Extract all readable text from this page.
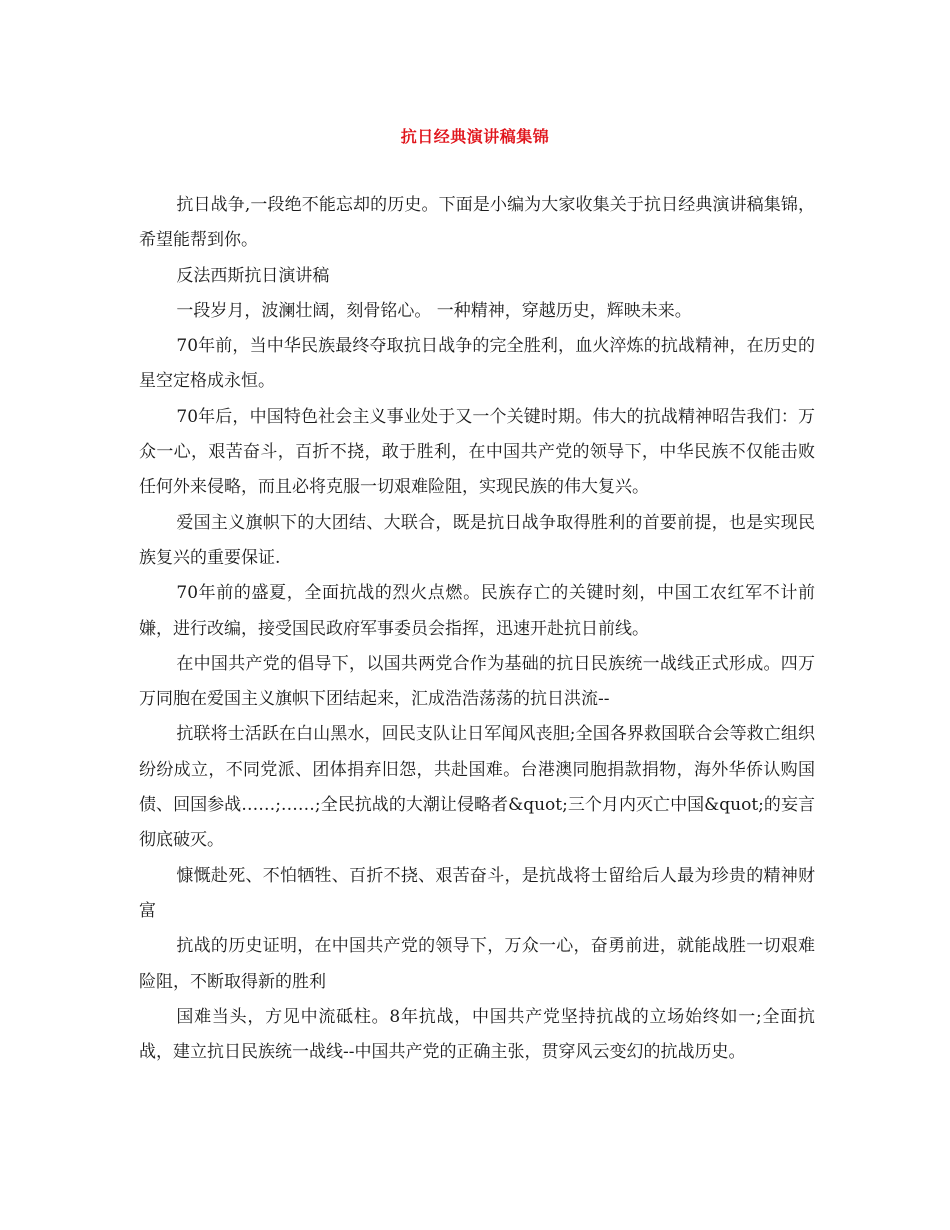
抗日经典演讲稿集锦

抗日战争,一段绝不能忘却的历史。下面是小编为大家收集关于抗日经典演讲稿集锦，希望能帮到你。

反法西斯抗日演讲稿

一段岁月，波澜壮阔，刻骨铭心。 一种精神，穿越历史，辉映未来。

70年前，当中华民族最终夺取抗日战争的完全胜利，血火淬炼的抗战精神，在历史的星空定格成永恒。

70年后，中国特色社会主义事业处于又一个关键时期。伟大的抗战精神昭告我们：万众一心，艰苦奋斗，百折不挠，敢于胜利，在中国共产党的领导下，中华民族不仅能击败任何外来侵略，而且必将克服一切艰难险阻，实现民族的伟大复兴。

爱国主义旗帜下的大团结、大联合，既是抗日战争取得胜利的首要前提，也是实现民族复兴的重要保证.

70年前的盛夏，全面抗战的烈火点燃。民族存亡的关键时刻，中国工农红军不计前嫌，进行改编，接受国民政府军事委员会指挥，迅速开赴抗日前线。

在中国共产党的倡导下，以国共两党合作为基础的抗日民族统一战线正式形成。四万万同胞在爱国主义旗帜下团结起来，汇成浩浩荡荡的抗日洪流--

抗联将士活跃在白山黑水，回民支队让日军闻风丧胆;全国各界救国联合会等救亡组织纷纷成立，不同党派、团体捐弃旧怨，共赴国难。台港澳同胞捐款捐物，海外华侨认购国债、回国参战……;……;全民抗战的大潮让侵略者&quot;三个月内灭亡中国&quot;的妄言彻底破灭。

慷慨赴死、不怕牺牲、百折不挠、艰苦奋斗，是抗战将士留给后人最为珍贵的精神财富

抗战的历史证明，在中国共产党的领导下，万众一心，奋勇前进，就能战胜一切艰难险阻，不断取得新的胜利

国难当头，方见中流砥柱。8年抗战，中国共产党坚持抗战的立场始终如一;全面抗战，建立抗日民族统一战线--中国共产党的正确主张，贯穿风云变幻的抗战历史。
